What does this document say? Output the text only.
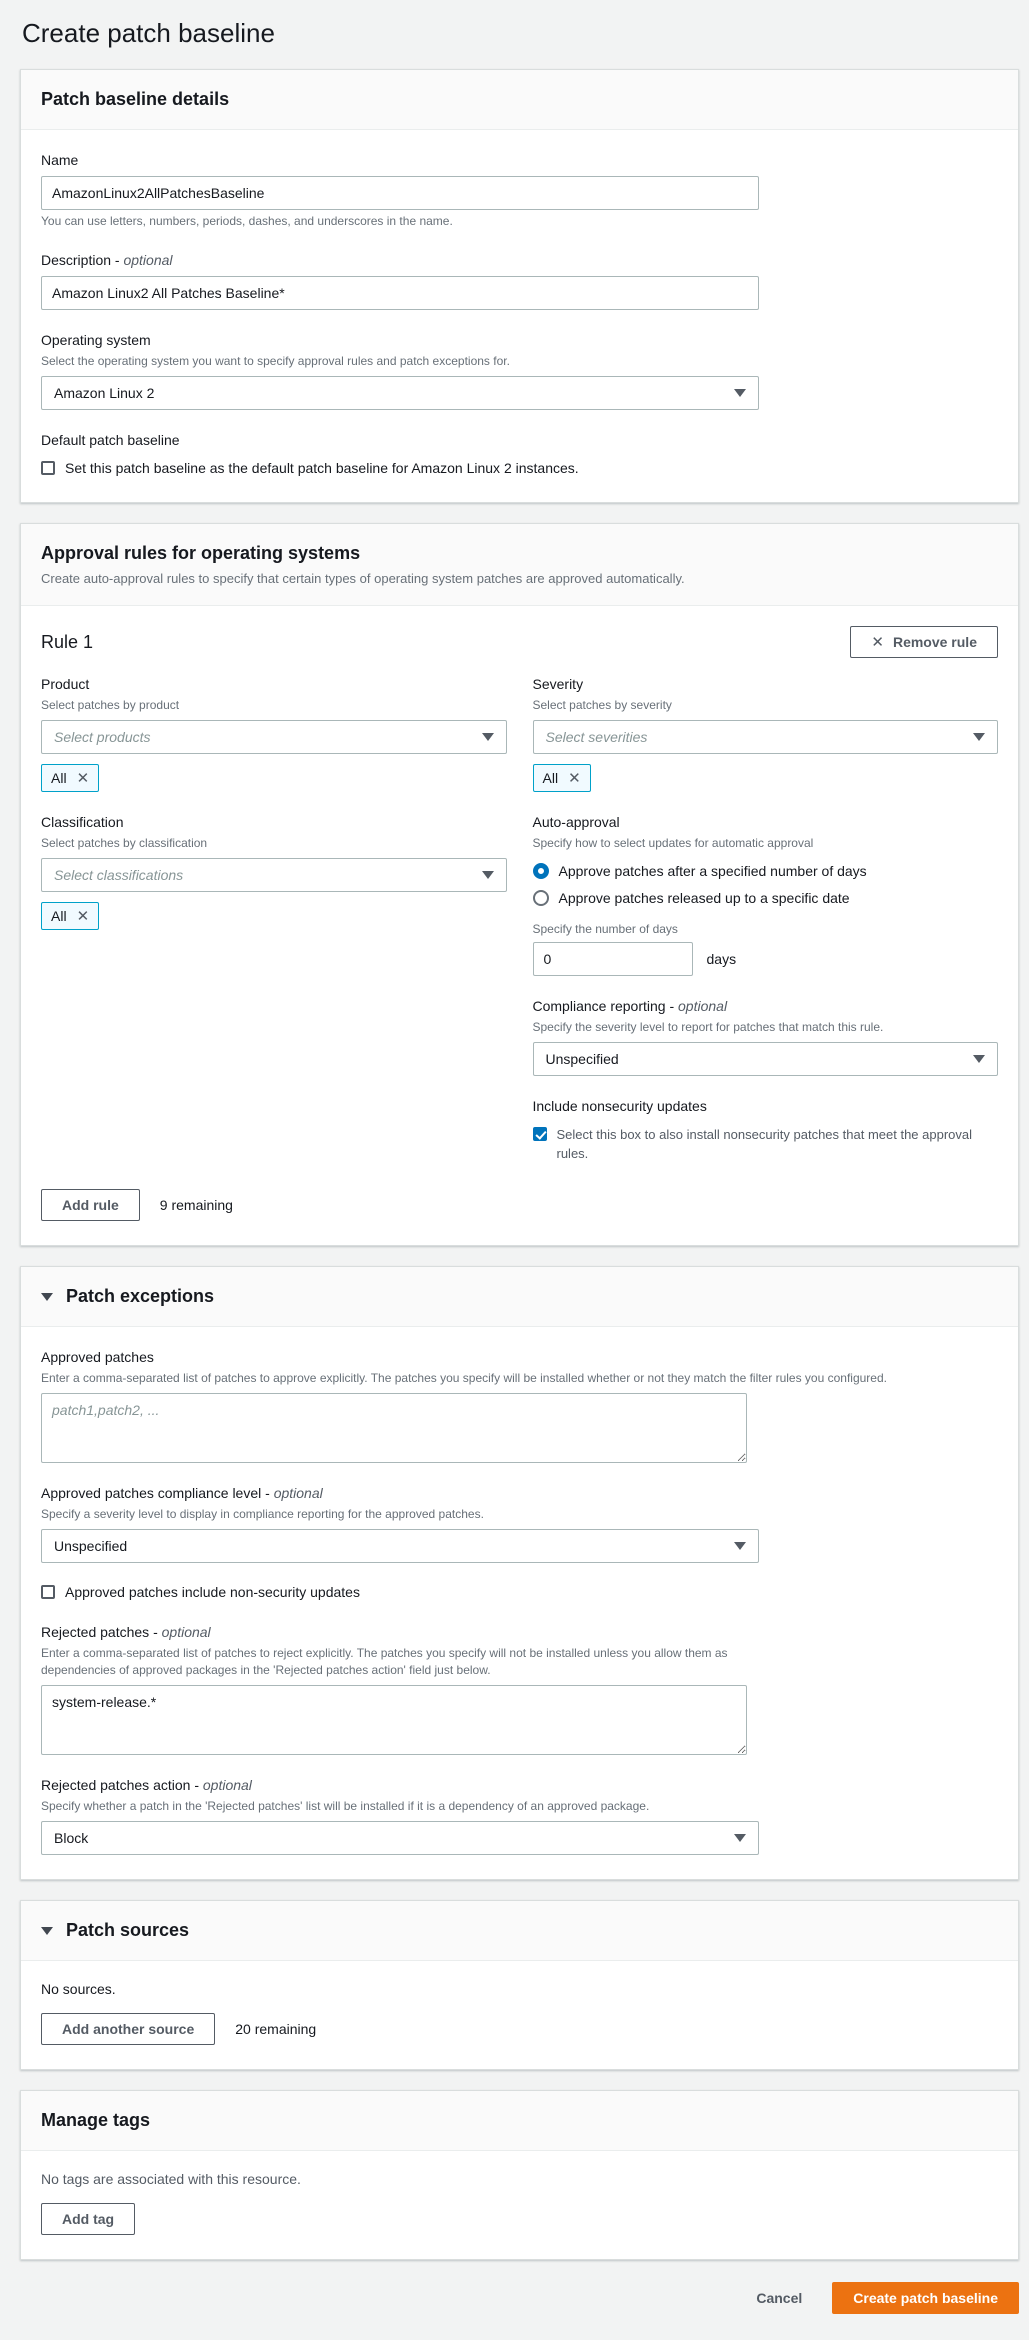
Create patch baseline
Patch baseline details
Name
AmazonLinux2AllPatchesBaseline
You can use letters, numbers, periods, dashes, and underscores in the name.
Description - optional
Amazon Linux2 All Patches Baseline*
Operating system
Select the operating system you want to specify approval rules and patch exceptions for.
Amazon Linux 2
Default patch baseline
Set this patch baseline as the default patch baseline for Amazon Linux 2 instances.
Approval rules for operating systems
Create auto-approval rules to specify that certain types of operating system patches are approved automatically.
Rule 1	✕ Remove rule
Product
Select patches by product
Select products
All ✕
Classification
Select patches by classification
Select classifications
All ✕
Severity
Select patches by severity
Select severities
All ✕
Auto-approval
Specify how to select updates for automatic approval
Approve patches after a specified number of days
Approve patches released up to a specific date
Specify the number of days
0
days
Compliance reporting - optional
Specify the severity level to report for patches that match this rule.
Unspecified
Include nonsecurity updates
Select this box to also install nonsecurity patches that meet the approval rules.
Add rule	9 remaining
Patch exceptions
Approved patches
Enter a comma-separated list of patches to approve explicitly. The patches you specify will be installed whether or not they match the filter rules you configured.
patch1,patch2, ...
Approved patches compliance level - optional
Specify a severity level to display in compliance reporting for the approved patches.
Unspecified
Approved patches include non-security updates
Rejected patches - optional
Enter a comma-separated list of patches to reject explicitly. The patches you specify will not be installed unless you allow them as dependencies of approved packages in the 'Rejected patches action' field just below.
system-release.*
Rejected patches action - optional
Specify whether a patch in the 'Rejected patches' list will be installed if it is a dependency of an approved package.
Block
Patch sources
No sources.
Add another source	20 remaining
Manage tags
No tags are associated with this resource.
Add tag
Cancel	Create patch baseline
